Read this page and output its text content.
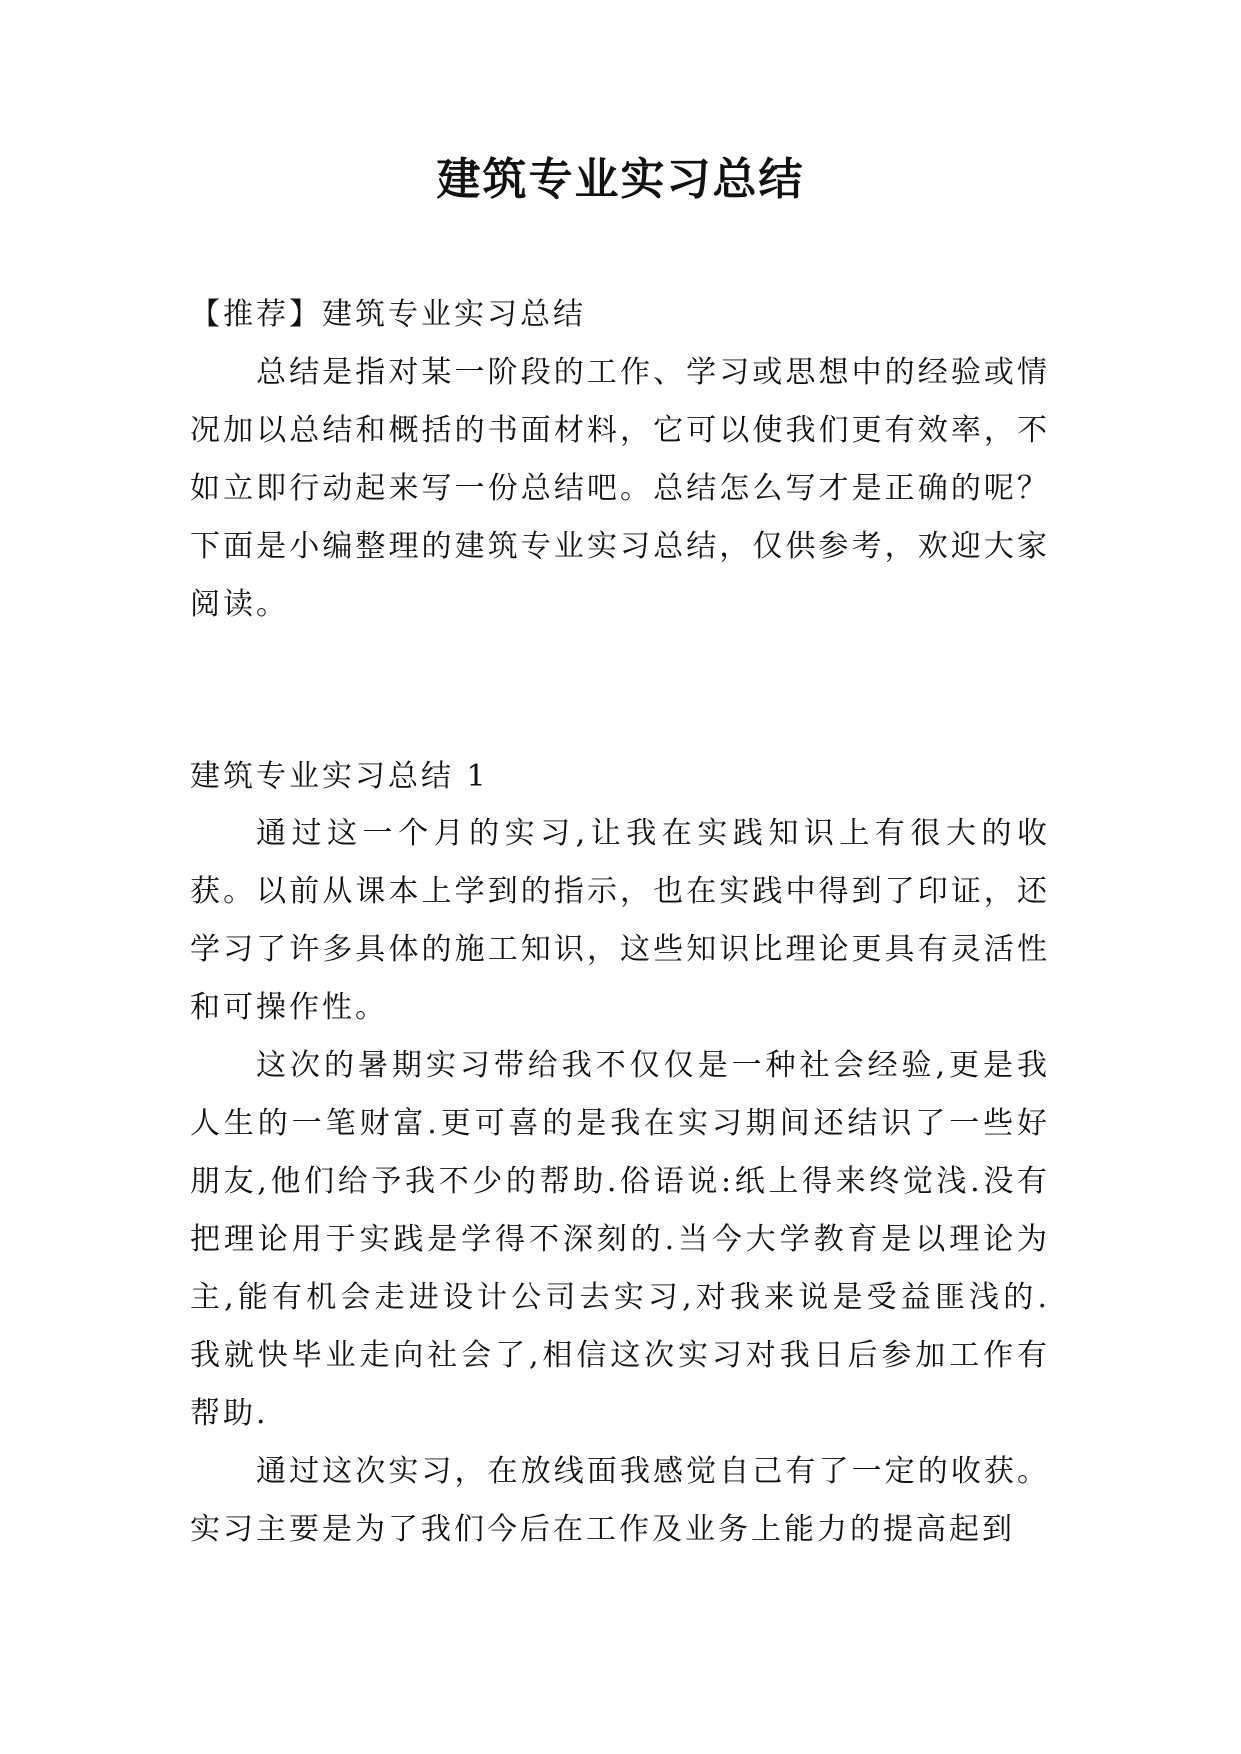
建筑专业实习总结
【推荐】建筑专业实习总结

总结是指对某一阶段的工作、学习或思想中的经验或情况加以总结和概括的书面材料，它可以使我们更有效率，不如立即行动起来写一份总结吧。总结怎么写才是正确的呢？下面是小编整理的建筑专业实习总结，仅供参考，欢迎大家阅读。

建筑专业实习总结 1

通过这一个月的实习,让我在实践知识上有很大的收获。以前从课本上学到的指示，也在实践中得到了印证，还学习了许多具体的施工知识，这些知识比理论更具有灵活性和可操作性。

这次的暑期实习带给我不仅仅是一种社会经验,更是我人生的一笔财富.更可喜的是我在实习期间还结识了一些好朋友,他们给予我不少的帮助.俗语说:纸上得来终觉浅.没有把理论用于实践是学得不深刻的.当今大学教育是以理论为主,能有机会走进设计公司去实习,对我来说是受益匪浅的.我就快毕业走向社会了,相信这次实习对我日后参加工作有帮助.

通过这次实习，在放线面我感觉自己有了一定的收获。实习主要是为了我们今后在工作及业务上能力的提高起到
